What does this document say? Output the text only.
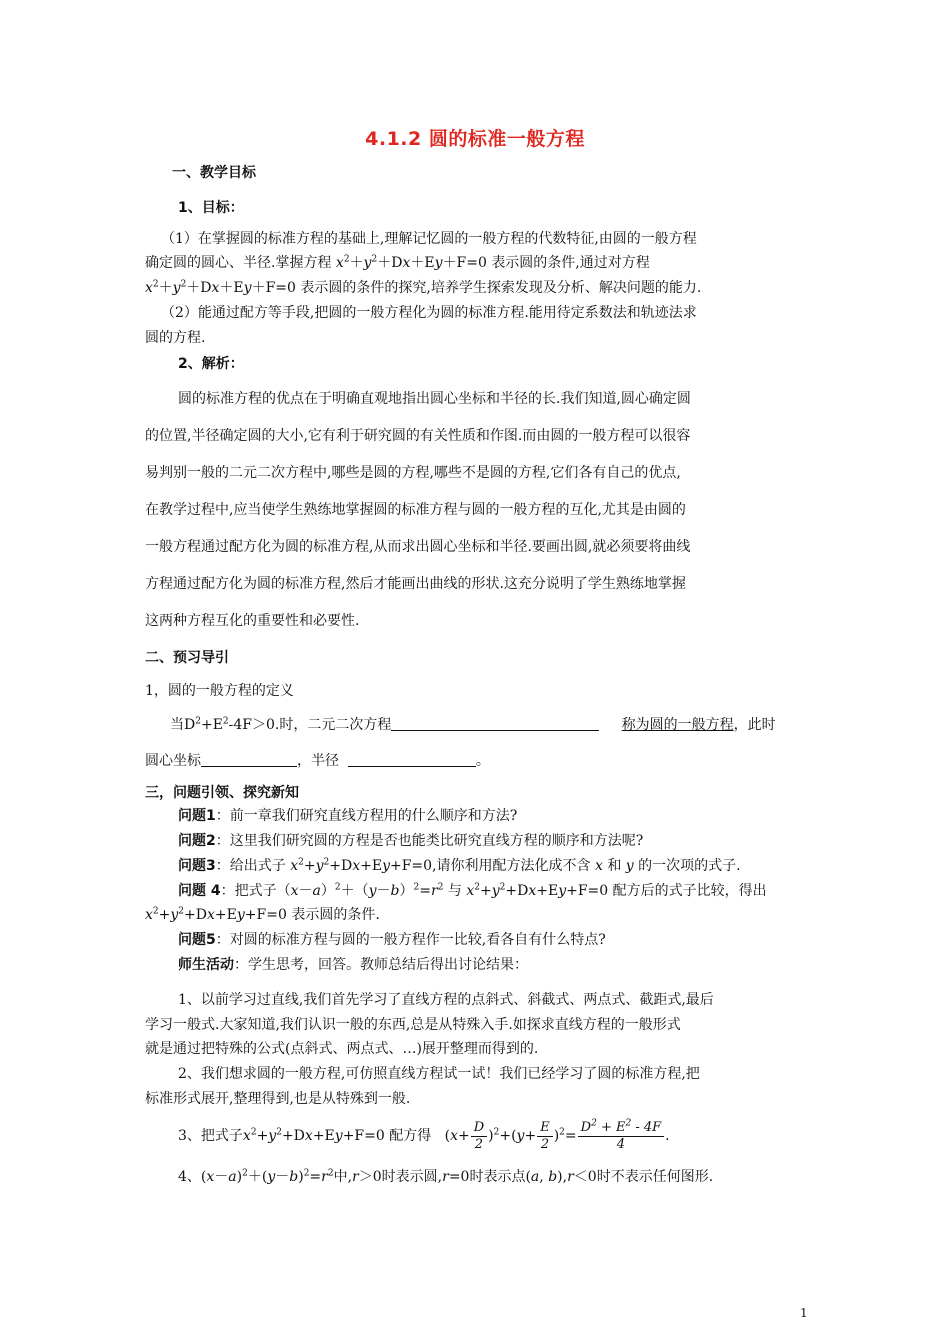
4.1.2 圆的标准一般方程
一、教学目标
1、目标：
（1）在掌握圆的标准方程的基础上,理解记忆圆的一般方程的代数特征,由圆的一般方程
确定圆的圆心、半径.掌握方程 $x^2+y^2+Dx+Ey+F=0$ 表示圆的条件,通过对方程
$x^2+y^2+Dx+Ey+F=0$ 表示圆的条件的探究,培养学生探索发现及分析、解决问题的能力.
（2）能通过配方等手段,把圆的一般方程化为圆的标准方程.能用待定系数法和轨迹法求
圆的方程.
2、解析：
圆的标准方程的优点在于明确直观地指出圆心坐标和半径的长.我们知道,圆心确定圆
的位置,半径确定圆的大小,它有利于研究圆的有关性质和作图.而由圆的一般方程可以很容
易判别一般的二元二次方程中,哪些是圆的方程,哪些不是圆的方程,它们各有自己的优点,
在教学过程中,应当使学生熟练地掌握圆的标准方程与圆的一般方程的互化,尤其是由圆的
一般方程通过配方化为圆的标准方程,从而求出圆心坐标和半径.要画出圆,就必须要将曲线
方程通过配方化为圆的标准方程,然后才能画出曲线的形状.这充分说明了学生熟练地掌握
这两种方程互化的重要性和必要性.
二、预习导引
1，圆的一般方程的定义
当$D^2+E^2-4F>0$.时，二元二次方程	称为圆的一般方程，此时
圆心坐标	，半径	。
三，问题引领、探究新知
问题1：前一章我们研究直线方程用的什么顺序和方法?
问题2：这里我们研究圆的方程是否也能类比研究直线方程的顺序和方法呢?
问题3：给出式子 $x^2+y^2+Dx+Ey+F=0$,请你利用配方法化成不含 x 和 y 的一次项的式子.
问题 4：把式子$(x-a)^2+(y-b)^2=r^2$ 与 $x^2+y^2+Dx+Ey+F=0$ 配方后的式子比较，得出
$x^2+y^2+Dx+Ey+F=0$ 表示圆的条件.
问题5：对圆的标准方程与圆的一般方程作一比较,看各自有什么特点?
师生活动：学生思考，回答。教师总结后得出讨论结果：
1、以前学习过直线,我们首先学习了直线方程的点斜式、斜截式、两点式、截距式,最后
学习一般式.大家知道,我们认识一般的东西,总是从特殊入手.如探求直线方程的一般形式
就是通过把特殊的公式(点斜式、两点式、…)展开整理而得到的.
2、我们想求圆的一般方程,可仿照直线方程试一试！我们已经学习了圆的标准方程,把
标准形式展开,整理得到,也是从特殊到一般.
3、把式子$x^2+y^2+Dx+Ey+F=0$ 配方得   $(x+ \frac{D}{2} )^2+(y+ \frac{E}{2} )^2= \frac{D^2 + E^2 - 4F}{4}$ .
4、$(x-a)^2+(y-b)^2=r^2$中,r＞0时表示圆,r=0时表示点(a, b),r＜0时不表示任何图形.
1
